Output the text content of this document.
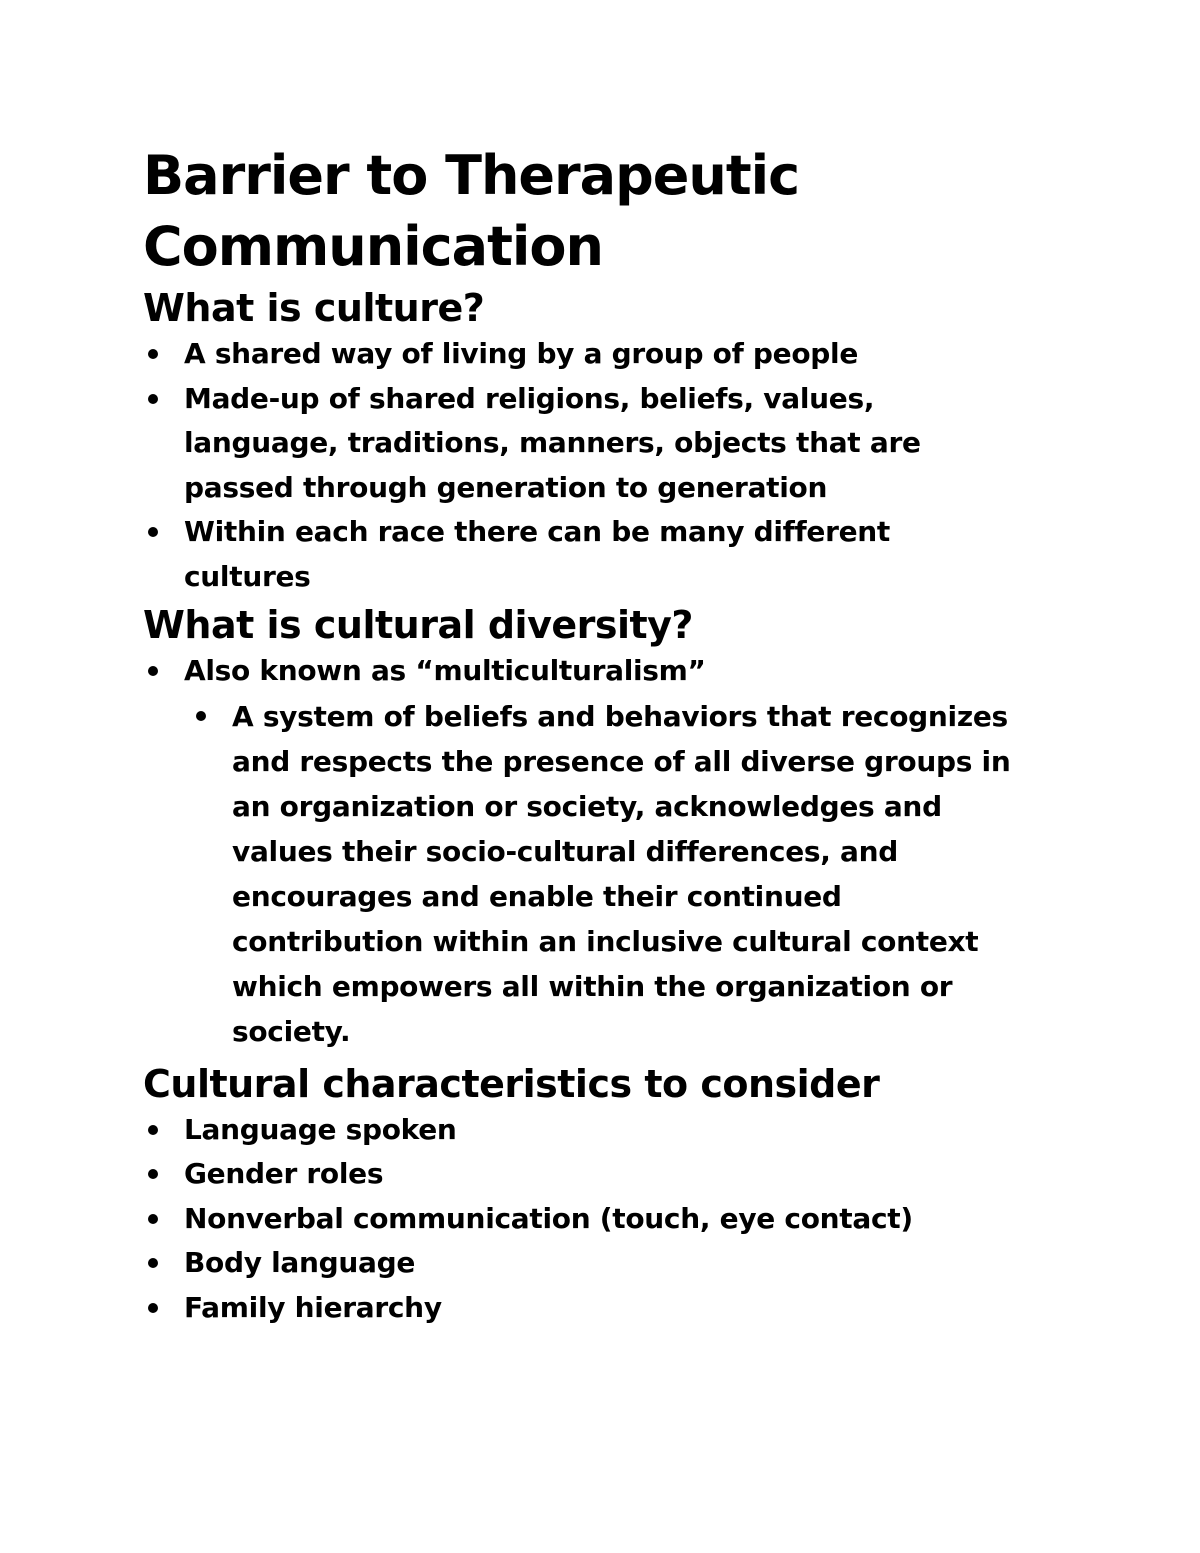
Barrier to Therapeutic Communication
What is culture?
A shared way of living by a group of people
Made-up of shared religions, beliefs, values, language, traditions, manners, objects that are passed through generation to generation
Within each race there can be many different cultures
What is cultural diversity?
Also known as “multiculturalism”
A system of beliefs and behaviors that recognizes and respects the presence of all diverse groups in an organization or society, acknowledges and values their socio-cultural differences, and encourages and enable their continued contribution within an inclusive cultural context which empowers all within the organization or society.
Cultural characteristics to consider
Language spoken
Gender roles
Nonverbal communication (touch, eye contact)
Body language
Family hierarchy
